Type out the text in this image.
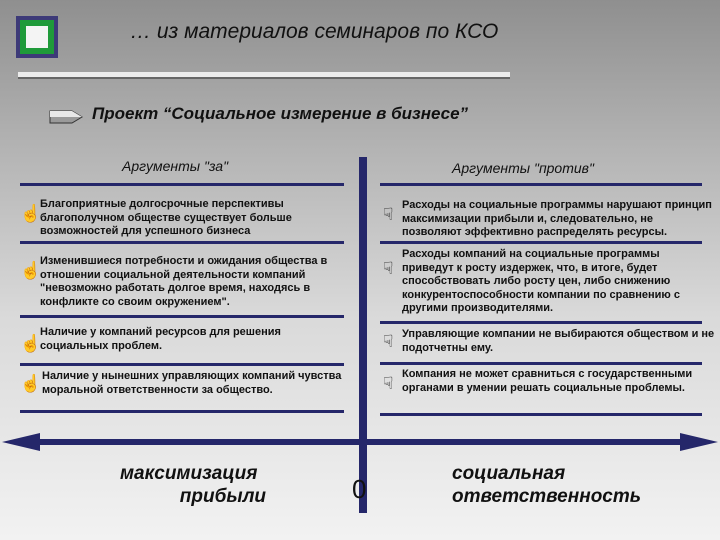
… из материалов семинаров по КСО
Проект “Социальное измерение в бизнесе”
Аргументы "за"	Аргументы "против"
☝
Благоприятные долгосрочные перспективы благополучном обществе существует больше возможностей для успешного бизнеса
☝
Изменившиеся потребности и ожидания общества в отношении социальной деятельности компаний "невозможно работать долгое время, находясь в конфликте со своим окружением".
☝
Наличие у компаний ресурсов для решения социальных проблем.
☝ Наличие у нынешних управляющих компаний чувства моральной ответственности за общество.
☟ Расходы на социальные программы нарушают принцип максимизации прибыли и, следовательно, не позволяют эффективно распределять ресурсы.
☟
Расходы компаний на социальные программы приведут к росту издержек, что, в итоге, будет способствовать либо росту цен, либо снижению конкурентоспособности компании по сравнению с другими производителями.
☟ Управляющие компании не выбираются обществом и не подотчетны ему.
☟ Компания не может сравниться с государственными органами в умении решать социальные проблемы.
максимизация
прибыли	0
социальная
ответственность
